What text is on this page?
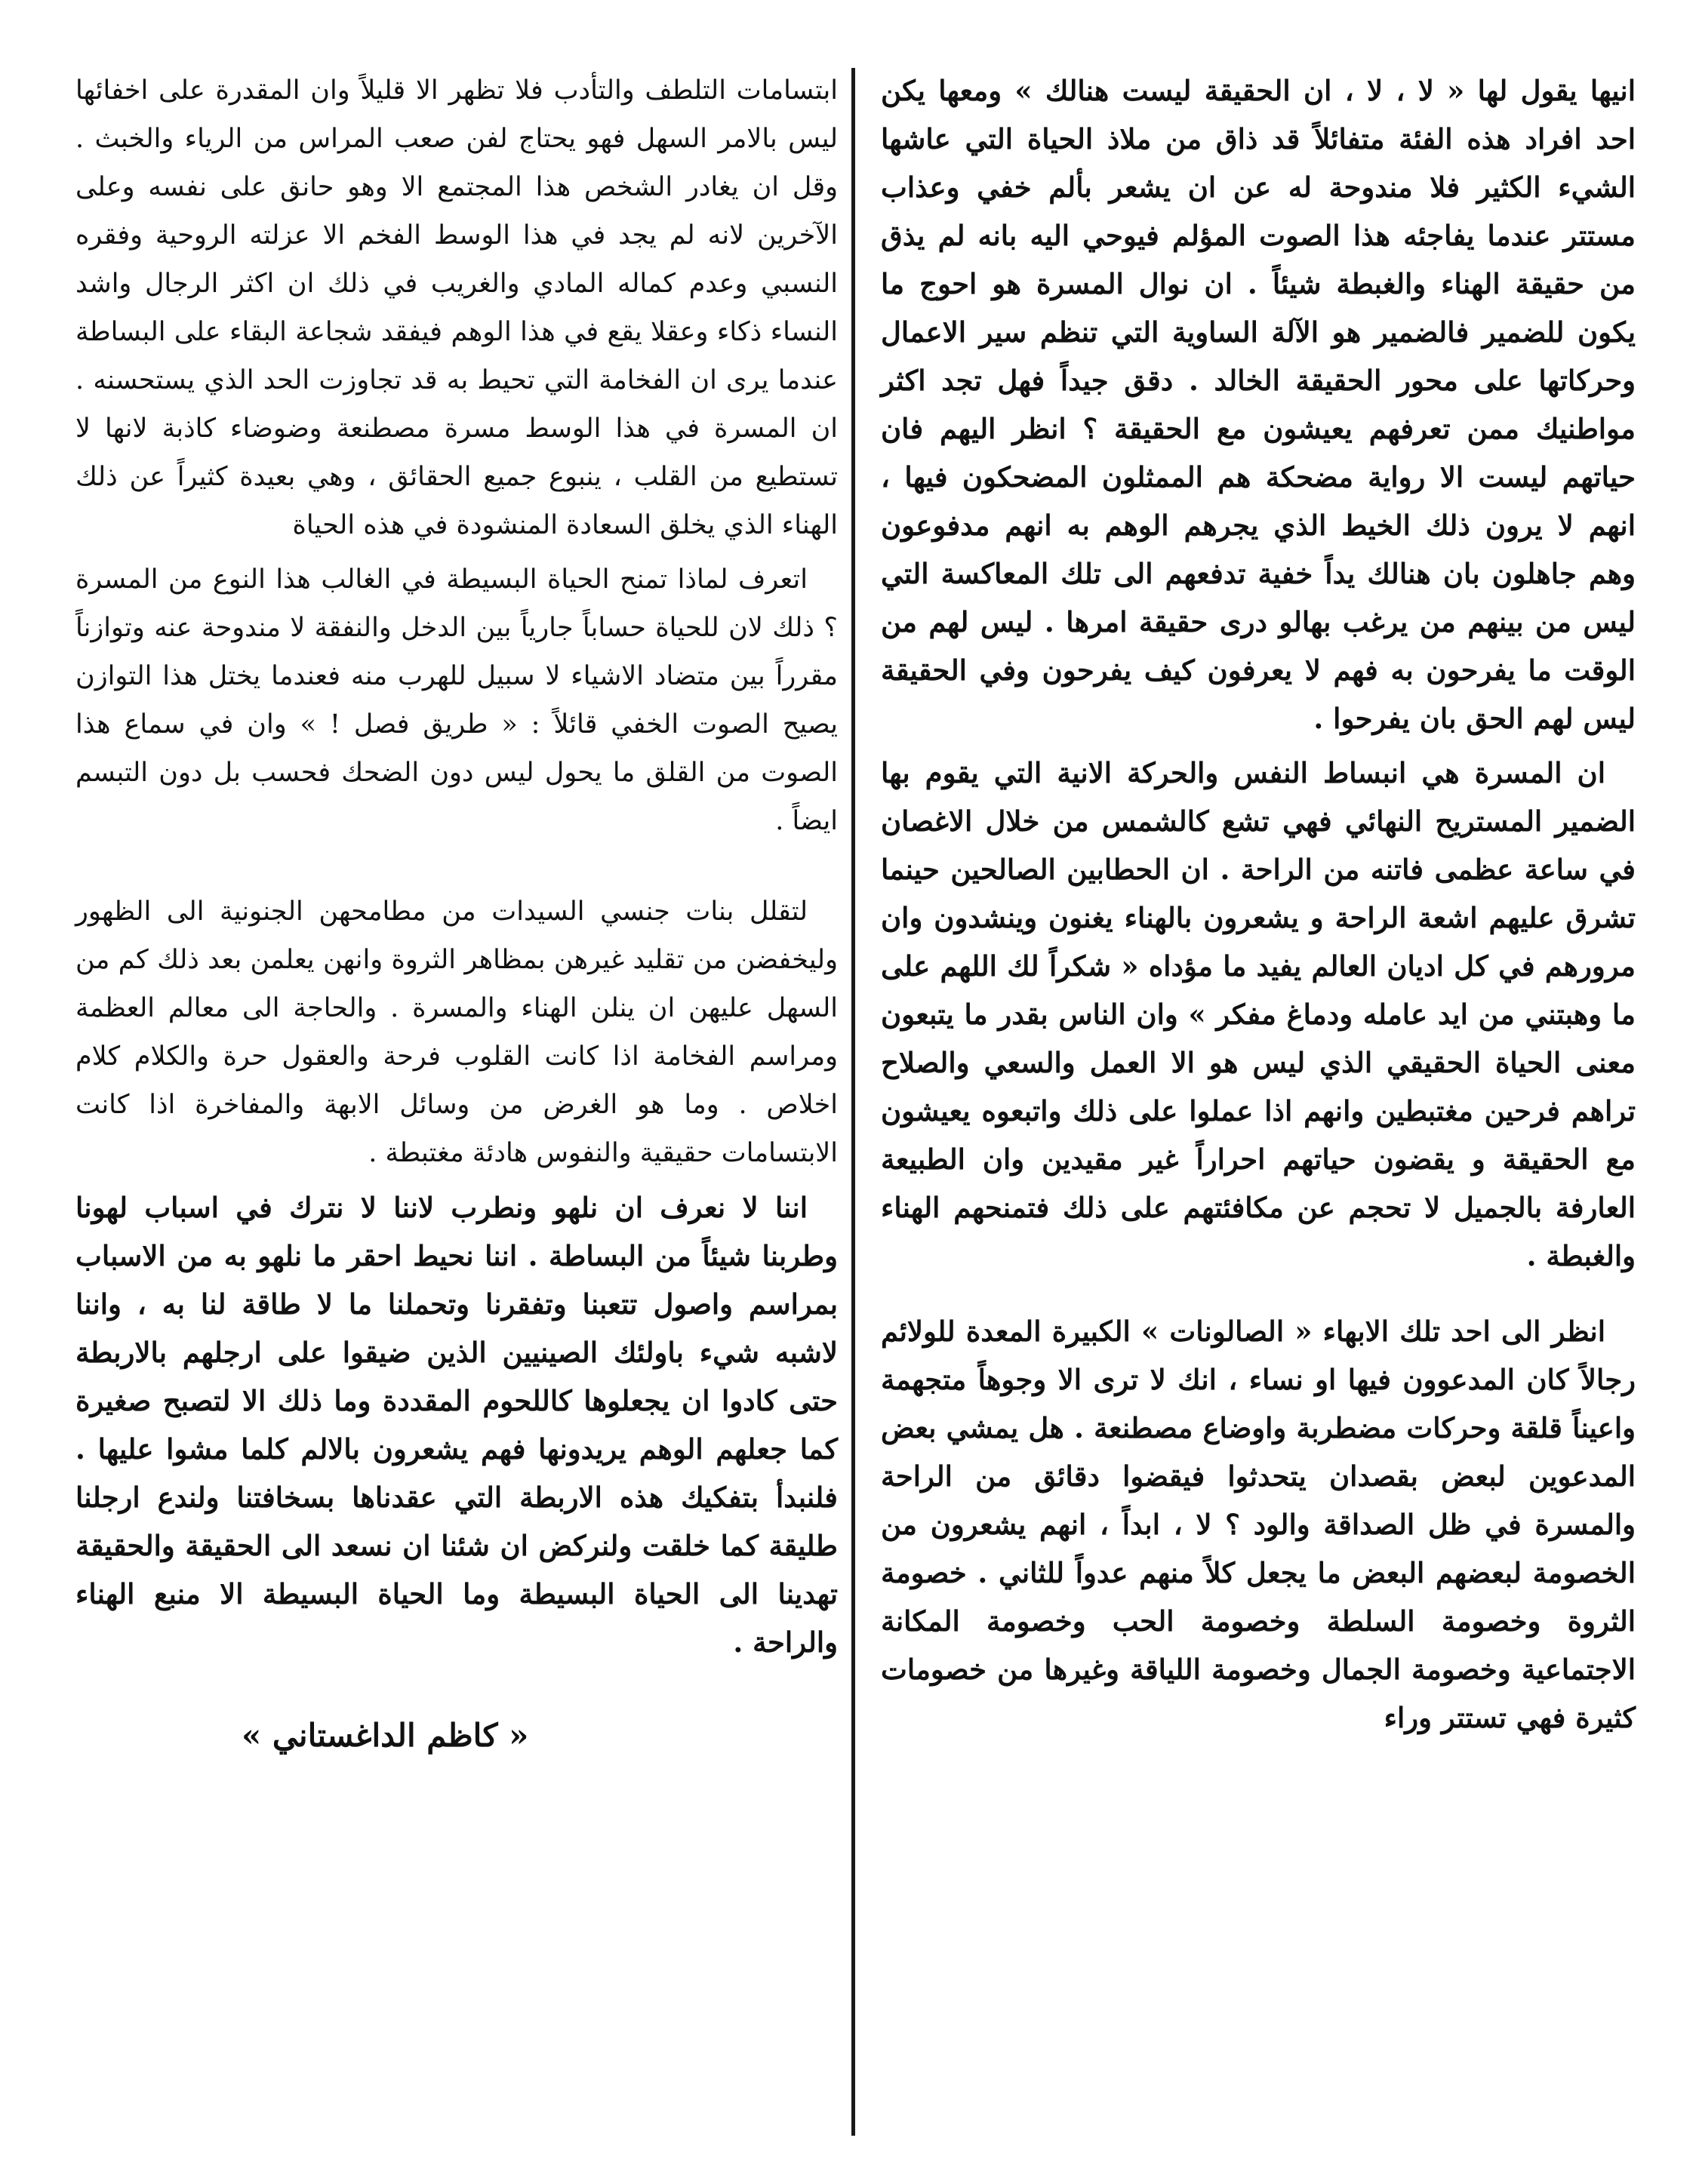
انيها يقول لها « لا ، لا ، ان الحقيقة ليست هنالك » ومعها يكن احد افراد هذه الفئة متفائلاً قد ذاق من ملاذ الحياة التي عاشها الشيء الكثير فلا مندوحة له عن ان يشعر بألم خفي وعذاب مستتر عندما يفاجئه هذا الصوت المؤلم فيوحي اليه بانه لم يذق من حقيقة الهناء والغبطة شيئاً . ان نوال المسرة هو احوج ما يكون للضمير فالضمير هو الآلة الساوية التي تنظم سير الاعمال وحركاتها على محور الحقيقة الخالد . دقق جيداً فهل تجد اكثر مواطنيك ممن تعرفهم يعيشون مع الحقيقة ؟ انظر اليهم فان حياتهم ليست الا رواية مضحكة هم الممثلون المضحكون فيها ، انهم لا يرون ذلك الخيط الذي يجرهم الوهم به انهم مدفوعون وهم جاهلون بان هنالك يداً خفية تدفعهم الى تلك المعاكسة التي ليس من بينهم من يرغب بهالو درى حقيقة امرها . ليس لهم من الوقت ما يفرحون به فهم لا يعرفون كيف يفرحون وفي الحقيقة ليس لهم الحق بان يفرحوا .

ان المسرة هي انبساط النفس والحركة الانية التي يقوم بها الضمير المستريح النهائي فهي تشع كالشمس من خلال الاغصان في ساعة عظمى فاتنه من الراحة . ان الحطابين الصالحين حينما تشرق عليهم اشعة الراحة و يشعرون بالهناء يغنون وينشدون وان مرورهم في كل اديان العالم يفيد ما مؤداه « شكراً لك اللهم على ما وهبتني من ايد عامله ودماغ مفكر » وان الناس بقدر ما يتبعون معنى الحياة الحقيقي الذي ليس هو الا العمل والسعي والصلاح تراهم فرحين مغتبطين وانهم اذا عملوا على ذلك واتبعوه يعيشون مع الحقيقة و يقضون حياتهم احراراً غير مقيدين وان الطبيعة العارفة بالجميل لا تحجم عن مكافئتهم على ذلك فتمنحهم الهناء والغبطة .

انظر الى احد تلك الابهاء « الصالونات » الكبيرة المعدة للولائم رجالاً كان المدعوون فيها او نساء ، انك لا ترى الا وجوهاً متجهمة واعيناً قلقة وحركات مضطربة واوضاع مصطنعة . هل يمشي بعض المدعوين لبعض بقصدان يتحدثوا فيقضوا دقائق من الراحة والمسرة في ظل الصداقة والود ؟ لا ، ابداً ، انهم يشعرون من الخصومة لبعضهم البعض ما يجعل كلاً منهم عدواً للثاني . خصومة الثروة وخصومة السلطة وخصومة الحب وخصومة المكانة الاجتماعية وخصومة الجمال وخصومة اللياقة وغيرها من خصومات كثيرة فهي تستتر وراء

ابتسامات التلطف والتأدب فلا تظهر الا قليلاً وان المقدرة على اخفائها ليس بالامر السهل فهو يحتاج لفن صعب المراس من الرياء والخبث . وقل ان يغادر الشخص هذا المجتمع الا وهو حانق على نفسه وعلى الآخرين لانه لم يجد في هذا الوسط الفخم الا عزلته الروحية وفقره النسبي وعدم كماله المادي والغريب في ذلك ان اكثر الرجال واشد النساء ذكاء وعقلا يقع في هذا الوهم فيفقد شجاعة البقاء على البساطة عندما يرى ان الفخامة التي تحيط به قد تجاوزت الحد الذي يستحسنه . ان المسرة في هذا الوسط مسرة مصطنعة وضوضاء كاذبة لانها لا تستطيع من القلب ، ينبوع جميع الحقائق ، وهي بعيدة كثيراً عن ذلك الهناء الذي يخلق السعادة المنشودة في هذه الحياة

اتعرف لماذا تمنح الحياة البسيطة في الغالب هذا النوع من المسرة ؟ ذلك لان للحياة حساباً جارياً بين الدخل والنفقة لا مندوحة عنه وتوازناً مقرراً بين متضاد الاشياء لا سبيل للهرب منه فعندما يختل هذا التوازن يصيح الصوت الخفي قائلاً : « طريق فصل ! » وان في سماع هذا الصوت من القلق ما يحول ليس دون الضحك فحسب بل دون التبسم ايضاً .

لتقلل بنات جنسي السيدات من مطامحهن الجنونية الى الظهور وليخفضن من تقليد غيرهن بمظاهر الثروة وانهن يعلمن بعد ذلك كم من السهل عليهن ان ينلن الهناء والمسرة . والحاجة الى معالم العظمة ومراسم الفخامة اذا كانت القلوب فرحة والعقول حرة والكلام كلام اخلاص . وما هو الغرض من وسائل الابهة والمفاخرة اذا كانت الابتسامات حقيقية والنفوس هادئة مغتبطة .

اننا لا نعرف ان نلهو ونطرب لاننا لا نترك في اسباب لهونا وطربنا شيئاً من البساطة . اننا نحيط احقر ما نلهو به من الاسباب بمراسم واصول تتعبنا وتفقرنا وتحملنا ما لا طاقة لنا به ، واننا لاشبه شيء باولئك الصينيين الذين ضيقوا على ارجلهم بالاربطة حتى كادوا ان يجعلوها كاللحوم المقددة وما ذلك الا لتصبح صغيرة كما جعلهم الوهم يريدونها فهم يشعرون بالالم كلما مشوا عليها . فلنبدأ بتفكيك هذه الاربطة التي عقدناها بسخافتنا ولندع ارجلنا طليقة كما خلقت ولنركض ان شئنا ان نسعد الى الحقيقة والحقيقة تهدينا الى الحياة البسيطة وما الحياة البسيطة الا منبع الهناء والراحة .

« كاظم الداغستاني »
